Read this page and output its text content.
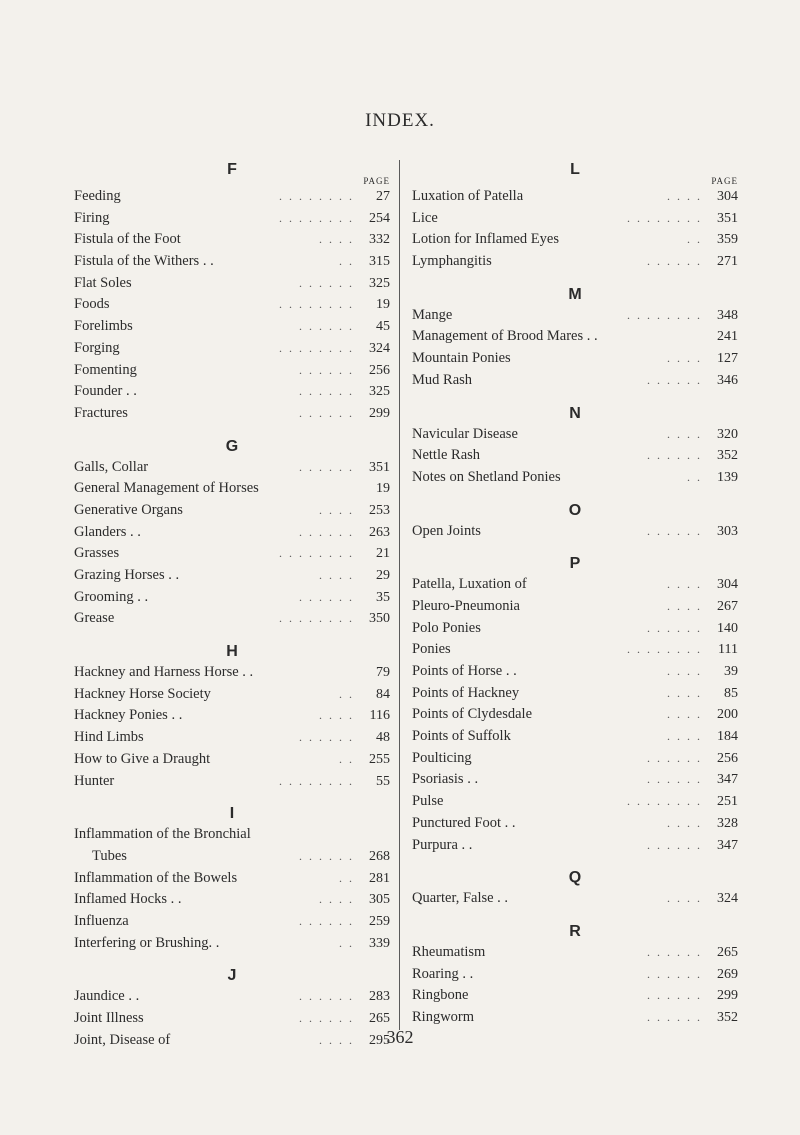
INDEX.
F
PAGE
Feeding	. . . . . . . .	27
Firing	. . . . . . . .	254
Fistula of the Foot	. . . .	332
Fistula of the Withers . .	. .	315
Flat Soles	. . . . . .	325
Foods	. . . . . . . .	19
Forelimbs	. . . . . .	45
Forging	. . . . . . . .	324
Fomenting	. . . . . .	256
Founder . .	. . . . . .	325
Fractures	. . . . . .	299
G
Galls, Collar	. . . . . .	351
General Management of Horses	19
Generative Organs	. . . .	253
Glanders . .	. . . . . .	263
Grasses	. . . . . . . .	21
Grazing Horses . .	. . . .	29
Grooming . .	. . . . . .	35
Grease	. . . . . . . .	350
H
Hackney and Harness Horse . .	79
Hackney Horse Society	. .	84
Hackney Ponies . .	. . . .	116
Hind Limbs	. . . . . .	48
How to Give a Draught	. .	255
Hunter	. . . . . . . .	55
I
Inflammation of the Bronchial
Tubes	. . . . . .	268
Inflammation of the Bowels	. .	281
Inflamed Hocks . .	. . . .	305
Influenza	. . . . . .	259
Interfering or Brushing. .	. .	339
J
Jaundice . .	. . . . . .	283
Joint Illness	. . . . . .	265
Joint, Disease of	. . . .	295
L
PAGE
Luxation of Patella	. . . .	304
Lice	. . . . . . . .	351
Lotion for Inflamed Eyes	. .	359
Lymphangitis	. . . . . .	271
M
Mange	. . . . . . . .	348
Management of Brood Mares . .	241
Mountain Ponies	. . . .	127
Mud Rash	. . . . . .	346
N
Navicular Disease	. . . .	320
Nettle Rash	. . . . . .	352
Notes on Shetland Ponies	. .	139
O
Open Joints	. . . . . .	303
P
Patella, Luxation of	. . . .	304
Pleuro-Pneumonia	. . . .	267
Polo Ponies	. . . . . .	140
Ponies	. . . . . . . .	111
Points of Horse . .	. . . .	39
Points of Hackney	. . . .	85
Points of Clydesdale	. . . .	200
Points of Suffolk	. . . .	184
Poulticing	. . . . . .	256
Psoriasis . .	. . . . . .	347
Pulse	. . . . . . . .	251
Punctured Foot . .	. . . .	328
Purpura . .	. . . . . .	347
Q
Quarter, False . .	. . . .	324
R
Rheumatism	. . . . . .	265
Roaring . .	. . . . . .	269
Ringbone	. . . . . .	299
Ringworm	. . . . . .	352
362
